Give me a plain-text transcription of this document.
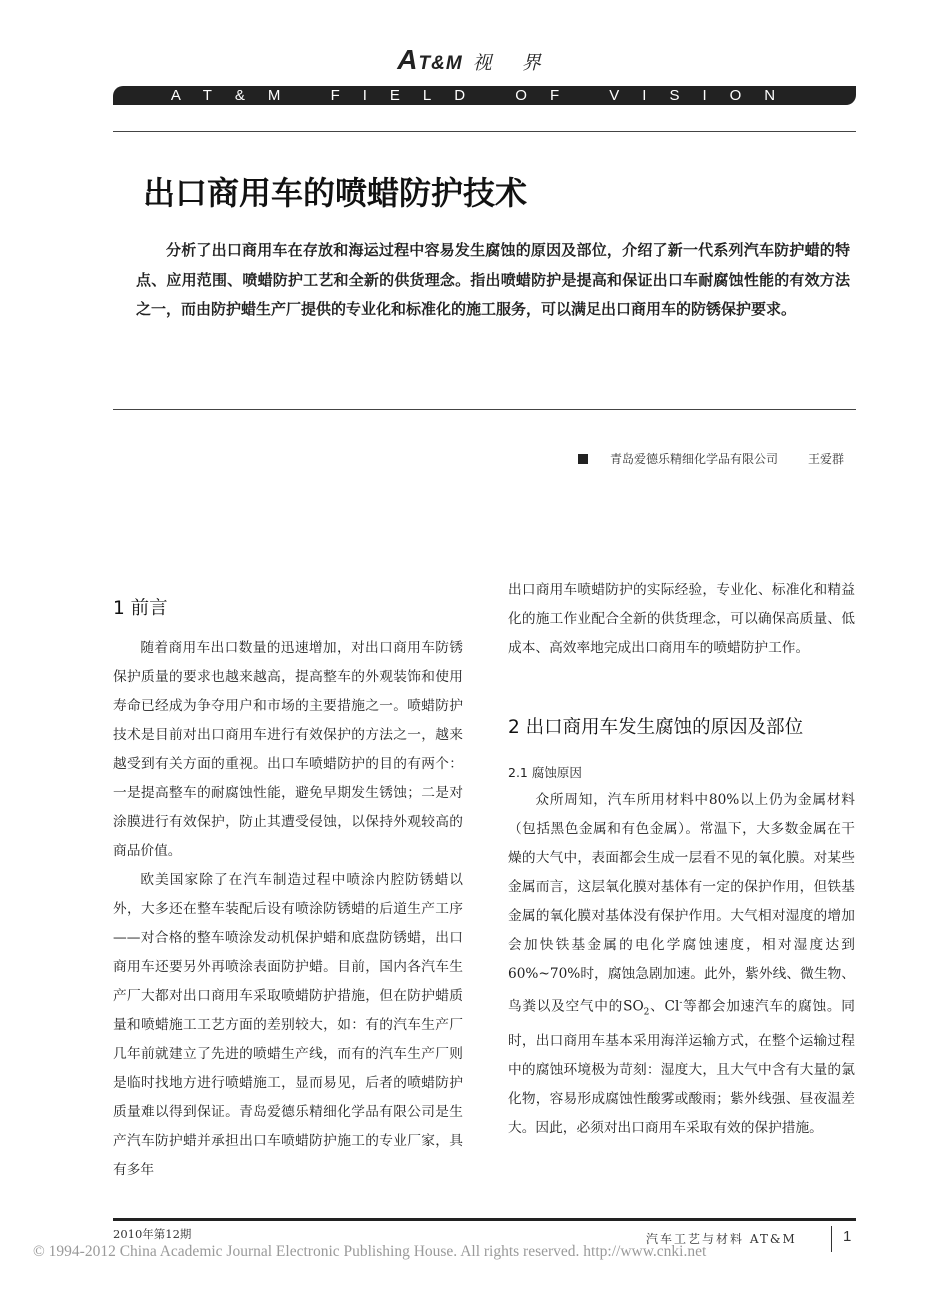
AT&M 视 界
AT&M FIELD OF VISION
出口商用车的喷蜡防护技术

分析了出口商用车在存放和海运过程中容易发生腐蚀的原因及部位，介绍了新一代系列汽车防护蜡的特点、应用范围、喷蜡防护工艺和全新的供货理念。指出喷蜡防护是提高和保证出口车耐腐蚀性能的有效方法之一，而由防护蜡生产厂提供的专业化和标准化的施工服务，可以满足出口商用车的防锈保护要求。

青岛爱德乐精细化学品有限公司	王爱群
1 前言

随着商用车出口数量的迅速增加，对出口商用车防锈保护质量的要求也越来越高，提高整车的外观装饰和使用寿命已经成为争夺用户和市场的主要措施之一。喷蜡防护技术是目前对出口商用车进行有效保护的方法之一，越来越受到有关方面的重视。出口车喷蜡防护的目的有两个：一是提高整车的耐腐蚀性能，避免早期发生锈蚀；二是对涂膜进行有效保护，防止其遭受侵蚀，以保持外观较高的商品价值。

欧美国家除了在汽车制造过程中喷涂内腔防锈蜡以外，大多还在整车装配后设有喷涂防锈蜡的后道生产工序——对合格的整车喷涂发动机保护蜡和底盘防锈蜡，出口商用车还要另外再喷涂表面防护蜡。目前，国内各汽车生产厂大都对出口商用车采取喷蜡防护措施，但在防护蜡质量和喷蜡施工工艺方面的差别较大，如：有的汽车生产厂几年前就建立了先进的喷蜡生产线，而有的汽车生产厂则是临时找地方进行喷蜡施工，显而易见，后者的喷蜡防护质量难以得到保证。青岛爱德乐精细化学品有限公司是生产汽车防护蜡并承担出口车喷蜡防护施工的专业厂家，具有多年

出口商用车喷蜡防护的实际经验，专业化、标准化和精益化的施工作业配合全新的供货理念，可以确保高质量、低成本、高效率地完成出口商用车的喷蜡防护工作。

2 出口商用车发生腐蚀的原因及部位
2.1 腐蚀原因

众所周知，汽车所用材料中80%以上仍为金属材料（包括黑色金属和有色金属）。常温下，大多数金属在干燥的大气中，表面都会生成一层看不见的氧化膜。对某些金属而言，这层氧化膜对基体有一定的保护作用，但铁基金属的氧化膜对基体没有保护作用。大气相对湿度的增加会加快铁基金属的电化学腐蚀速度，相对湿度达到60%~70%时，腐蚀急剧加速。此外，紫外线、微生物、鸟粪以及空气中的$SO_2$、Cl-等都会加速汽车的腐蚀。同时，出口商用车基本采用海洋运输方式，在整个运输过程中的腐蚀环境极为苛刻：湿度大，且大气中含有大量的氯化物，容易形成腐蚀性酸雾或酸雨；紫外线强、昼夜温差大。因此，必须对出口商用车采取有效的保护措施。

2010年第12期	汽车工艺与材料 AT&M	1
© 1994-2012 China Academic Journal Electronic Publishing House. All rights reserved. http://www.cnki.net
